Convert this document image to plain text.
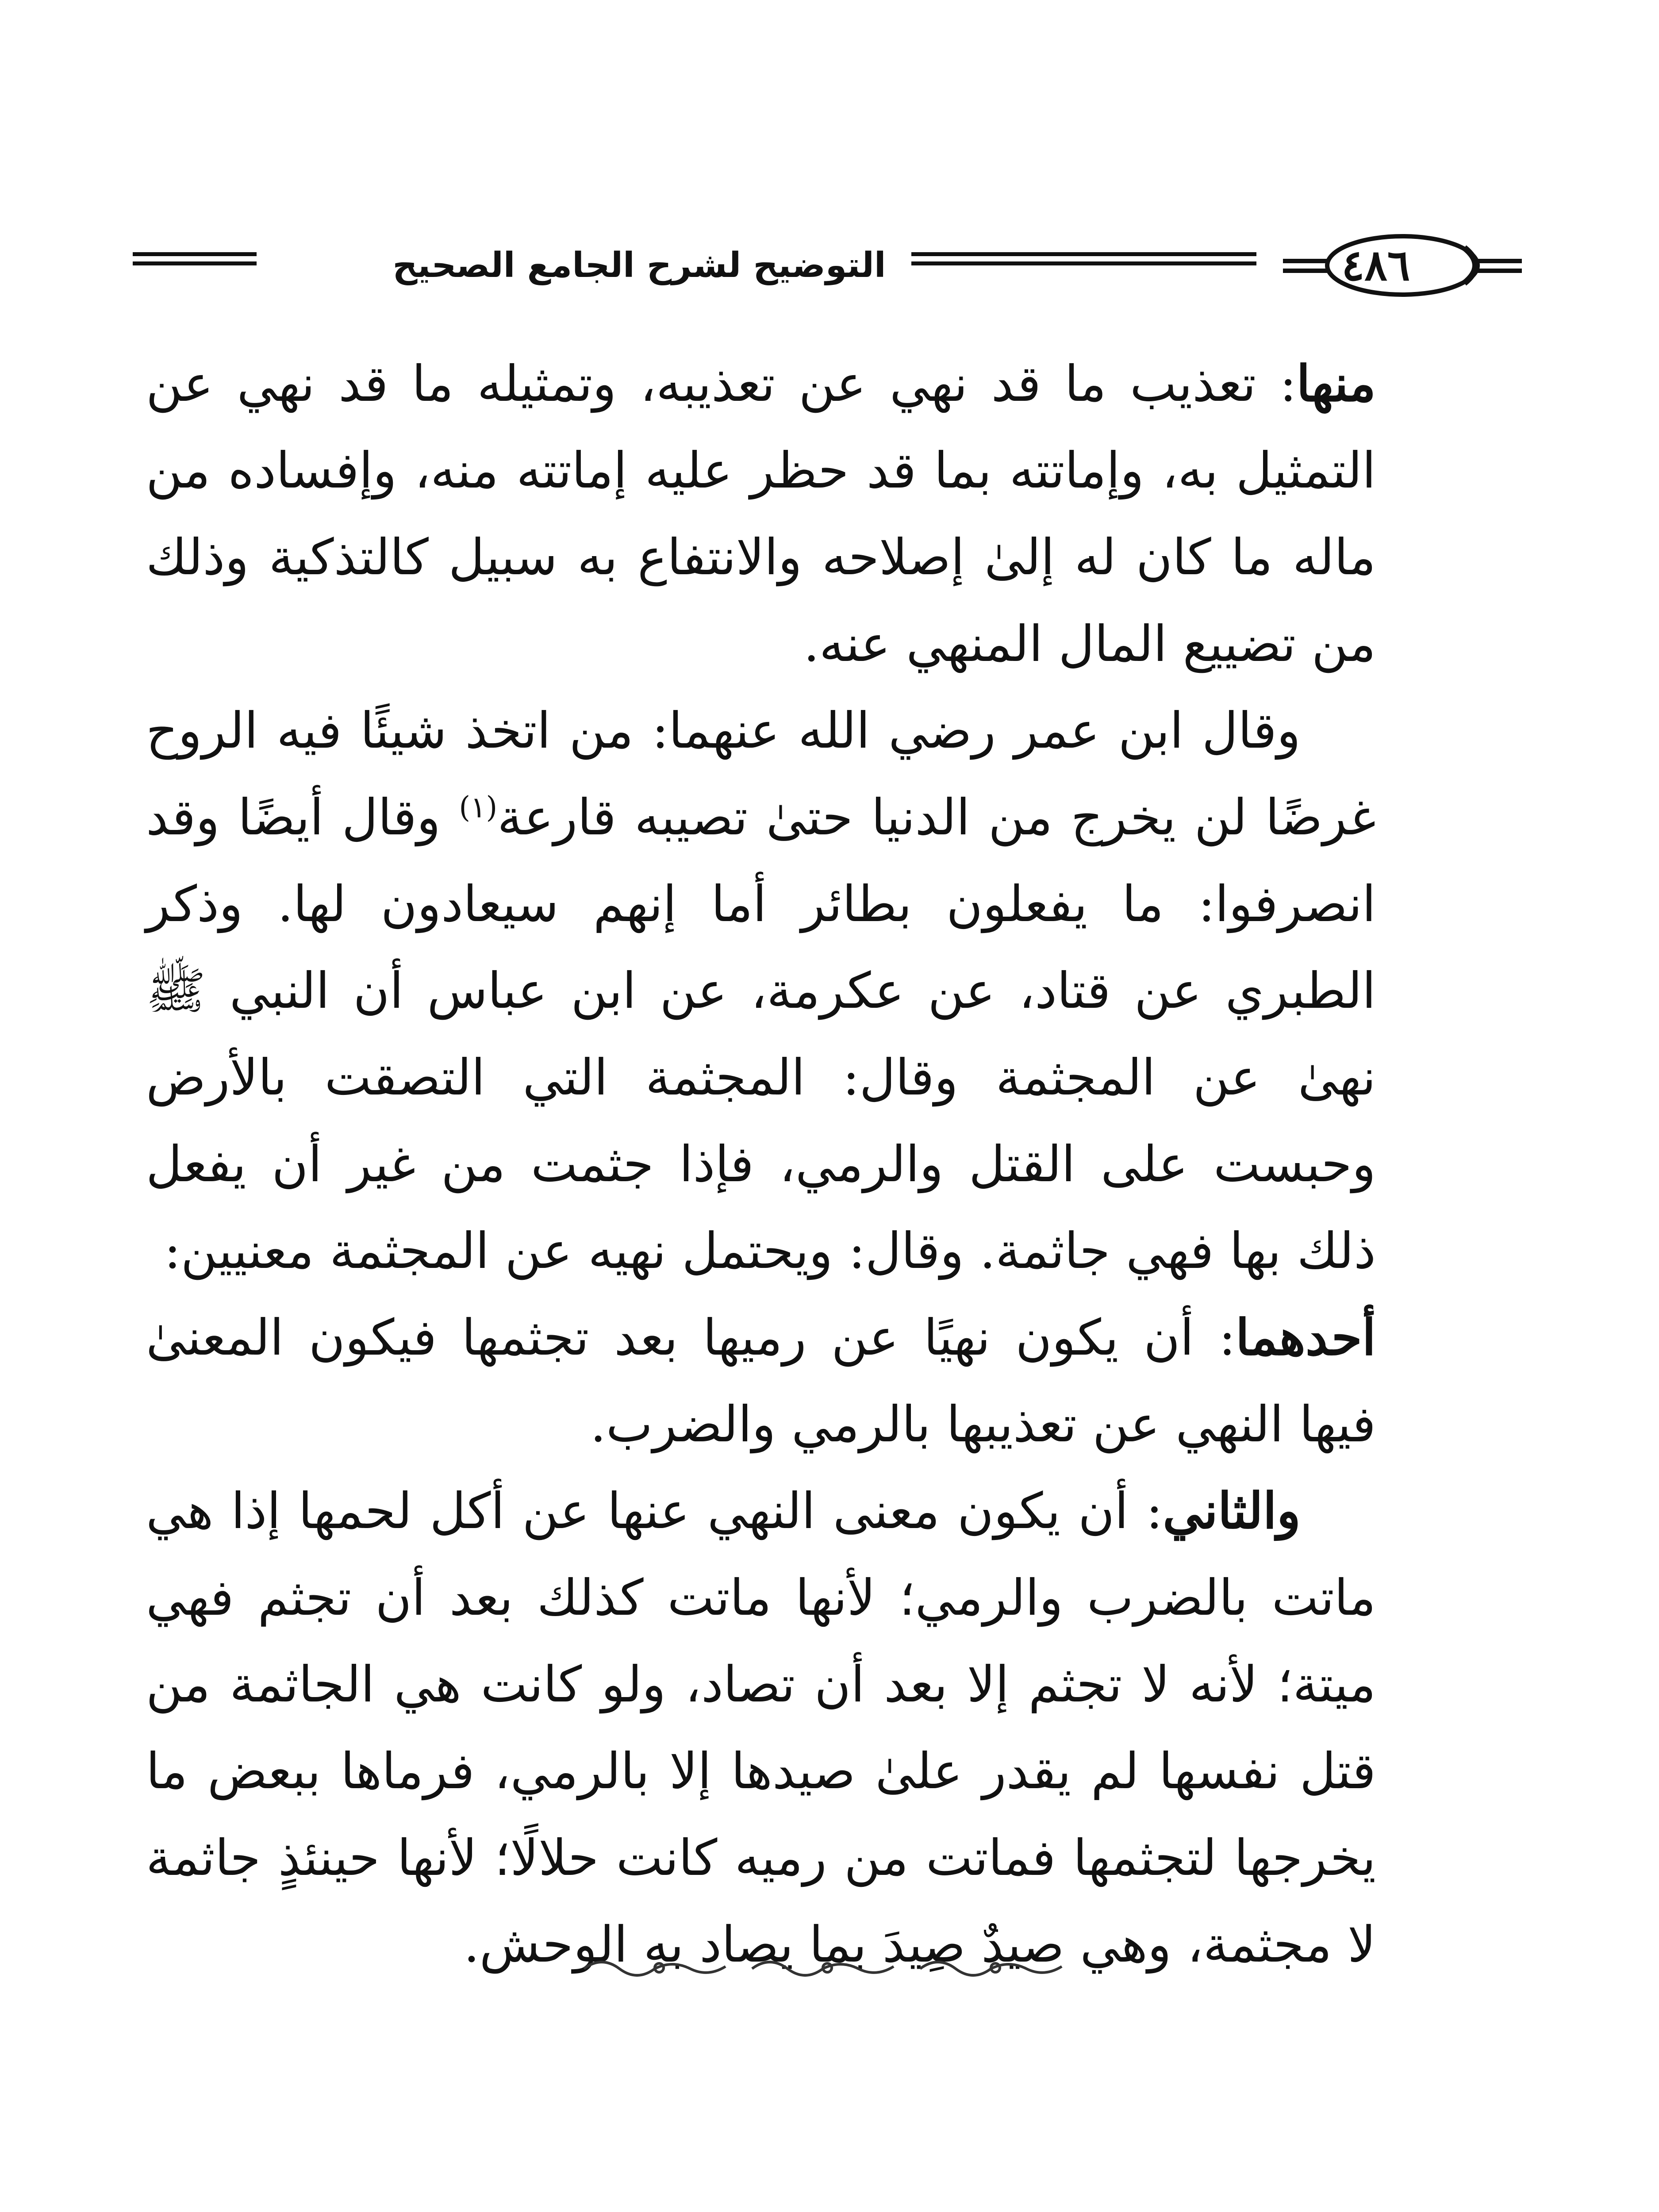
٤٨٦
التوضيح لشرح الجامع الصحيح

منها: تعذيب ما قد نهي عن تعذيبه، وتمثيله ما قد نهي عن التمثيل به، وإماتته بما قد حظر عليه إماتته منه، وإفساده من ماله ما كان له إلىٰ إصلاحه والانتفاع به سبيل كالتذكية وذلك من تضييع المال المنهي عنه.

وقال ابن عمر رضي الله عنهما: من اتخذ شيئًا فيه الروح غرضًا لن يخرج من الدنيا حتىٰ تصيبه قارعة$^{(١)}$ وقال أيضًا وقد انصرفوا: ما يفعلون بطائر أما إنهم سيعادون لها. وذكر الطبري عن قتاد، عن عكرمة، عن ابن عباس أن النبي ﷺ نهىٰ عن المجثمة وقال: المجثمة التي التصقت بالأرض وحبست على القتل والرمي، فإذا جثمت من غير أن يفعل ذلك بها فهي جاثمة. وقال: ويحتمل نهيه عن المجثمة معنيين:

أحدهما: أن يكون نهيًا عن رميها بعد تجثمها فيكون المعنىٰ فيها النهي عن تعذيبها بالرمي والضرب.

والثاني: أن يكون معنى النهي عنها عن أكل لحمها إذا هي ماتت بالضرب والرمي؛ لأنها ماتت كذلك بعد أن تجثم فهي ميتة؛ لأنه لا تجثم إلا بعد أن تصاد، ولو كانت هي الجاثمة من قتل نفسها لم يقدر علىٰ صيدها إلا بالرمي، فرماها ببعض ما يخرجها لتجثمها فماتت من رميه كانت حلالًا؛ لأنها حينئذٍ جاثمة لا مجثمة، وهي صيدٌ صِيدَ بما يصاد به الوحش.
